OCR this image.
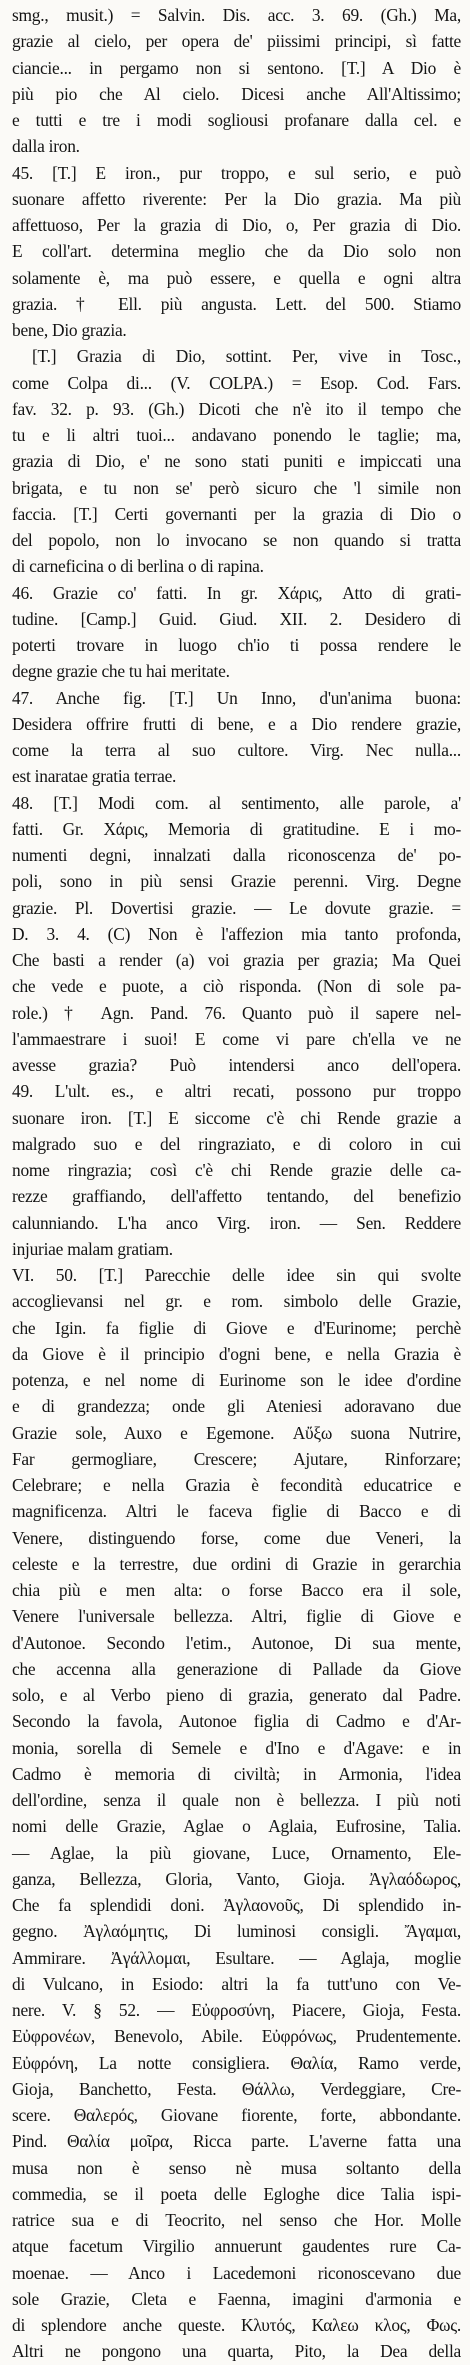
smg., musit.) = Salvin. Dis. acc. 3. 69. (Gh.) Ma,
grazie al cielo, per opera de' piissimi principi, sì fatte
ciancie... in pergamo non si sentono. [T.] A Dio è
più pio che Al cielo. Dicesi anche All'Altissimo;
e tutti e tre i modi sogliousi profanare dalla cel. e
dalla iron.
45. [T.] E iron., pur troppo, e sul serio, e può
suonare affetto riverente: Per la Dio grazia. Ma più
affettuoso, Per la grazia di Dio, o, Per grazia di Dio.
E coll'art. determina meglio che da Dio solo non
solamente è, ma può essere, e quella e ogni altra
grazia. † Ell. più angusta. Lett. del 500. Stiamo
bene, Dio grazia.
[T.] Grazia di Dio, sottint. Per, vive in Tosc.,
come Colpa di... (V. COLPA.) = Esop. Cod. Fars.
fav. 32. p. 93. (Gh.) Dicoti che n'è ito il tempo che
tu e li altri tuoi... andavano ponendo le taglie; ma,
grazia di Dio, e' ne sono stati puniti e impiccati una
brigata, e tu non se' però sicuro che 'l simile non
faccia. [T.] Certi governanti per la grazia di Dio o
del popolo, non lo invocano se non quando si tratta
di carneficina o di berlina o di rapina.
46. Grazie co' fatti. In gr. Χάρις, Atto di grati-
tudine. [Camp.] Guid. Giud. XII. 2. Desidero di
poterti trovare in luogo ch'io ti possa rendere le
degne grazie che tu hai meritate.
47. Anche fig. [T.] Un Inno, d'un'anima buona:
Desidera offrire frutti di bene, e a Dio rendere grazie,
come la terra al suo cultore. Virg. Nec nulla...
est inaratae gratia terrae.
48. [T.] Modi com. al sentimento, alle parole, a'
fatti. Gr. Χάρις, Memoria di gratitudine. E i mo-
numenti degni, innalzati dalla riconoscenza de' po-
poli, sono in più sensi Grazie perenni. Virg. Degne
grazie. Pl. Dovertisi grazie. — Le dovute grazie. =
D. 3. 4. (C) Non è l'affezion mia tanto profonda,
Che basti a render (a) voi grazia per grazia; Ma Quei
che vede e puote, a ciò risponda. (Non di sole pa-
role.) † Agn. Pand. 76. Quanto può il sapere nel-
l'ammaestrare i suoi! E come vi pare ch'ella ve ne
avesse grazia? Può intendersi anco dell'opera.
49. L'ult. es., e altri recati, possono pur troppo
suonare iron. [T.] E siccome c'è chi Rende grazie a
malgrado suo e del ringraziato, e di coloro in cui
nome ringrazia; così c'è chi Rende grazie delle ca-
rezze graffiando, dell'affetto tentando, del benefizio
calunniando. L'ha anco Virg. iron. — Sen. Reddere
injuriae malam gratiam.
VI. 50. [T.] Parecchie delle idee sin qui svolte
accoglievansi nel gr. e rom. simbolo delle Grazie,
che Igin. fa figlie di Giove e d'Eurinome; perchè
da Giove è il principio d'ogni bene, e nella Grazia è
potenza, e nel nome di Eurinome son le idee d'ordine
e di grandezza; onde gli Ateniesi adoravano due
Grazie sole, Auxo e Egemone. Αὔξω suona Nutrire,
Far germogliare, Crescere; Ajutare, Rinforzare;
Celebrare; e nella Grazia è fecondità educatrice e
magnificenza. Altri le faceva figlie di Bacco e di
Venere, distinguendo forse, come due Veneri, la
celeste e la terrestre, due ordini di Grazie in gerarchia
chia più e men alta: o forse Bacco era il sole,
Venere l'universale bellezza. Altri, figlie di Giove e
d'Autonoe. Secondo l'etim., Autonoe, Di sua mente,
che accenna alla generazione di Pallade da Giove
solo, e al Verbo pieno di grazia, generato dal Padre.
Secondo la favola, Autonoe figlia di Cadmo e d'Ar-
monia, sorella di Semele e d'Ino e d'Agave: e in
Cadmo è memoria di civiltà; in Armonia, l'idea
dell'ordine, senza il quale non è bellezza. I più noti
nomi delle Grazie, Aglae o Aglaia, Eufrosine, Talia.
— Aglae, la più giovane, Luce, Ornamento, Ele-
ganza, Bellezza, Gloria, Vanto, Gioja. Ἀγλαόδωρος,
Che fa splendidi doni. Ἀγλαονοῦς, Di splendido in-
gegno. Ἀγλαόμητις, Di luminosi consigli. Ἄγαμαι,
Ammirare. Ἀγάλλομαι, Esultare. — Aglaja, moglie
di Vulcano, in Esiodo: altri la fa tutt'uno con Ve-
nere. V. § 52. — Εὐφροσύνη, Piacere, Gioja, Festa.
Εὐφρονέων, Benevolo, Abile. Εὐφρόνως, Prudentemente.
Εὐφρόνη, La notte consigliera. Θαλία, Ramo verde,
Gioja, Banchetto, Festa. Θάλλω, Verdeggiare, Cre-
scere. Θαλερός, Giovane fiorente, forte, abbondante.
Pind. Θαλία μοῖρα, Ricca parte. L'averne fatta una
musa non è senso nè musa soltanto della
commedia, se il poeta delle Egloghe dice Talia ispi-
ratrice sua e di Teocrito, nel senso che Hor. Molle
atque facetum Virgilio annuerunt gaudentes rure Ca-
moenae. — Anco i Lacedemoni riconoscevano due
sole Grazie, Cleta e Faenna, imagini d'armonia e
di splendore anche queste. Κλυτός, Καλεω κλος, Φως.
Altri ne pongono una quarta, Pito, la Dea della
